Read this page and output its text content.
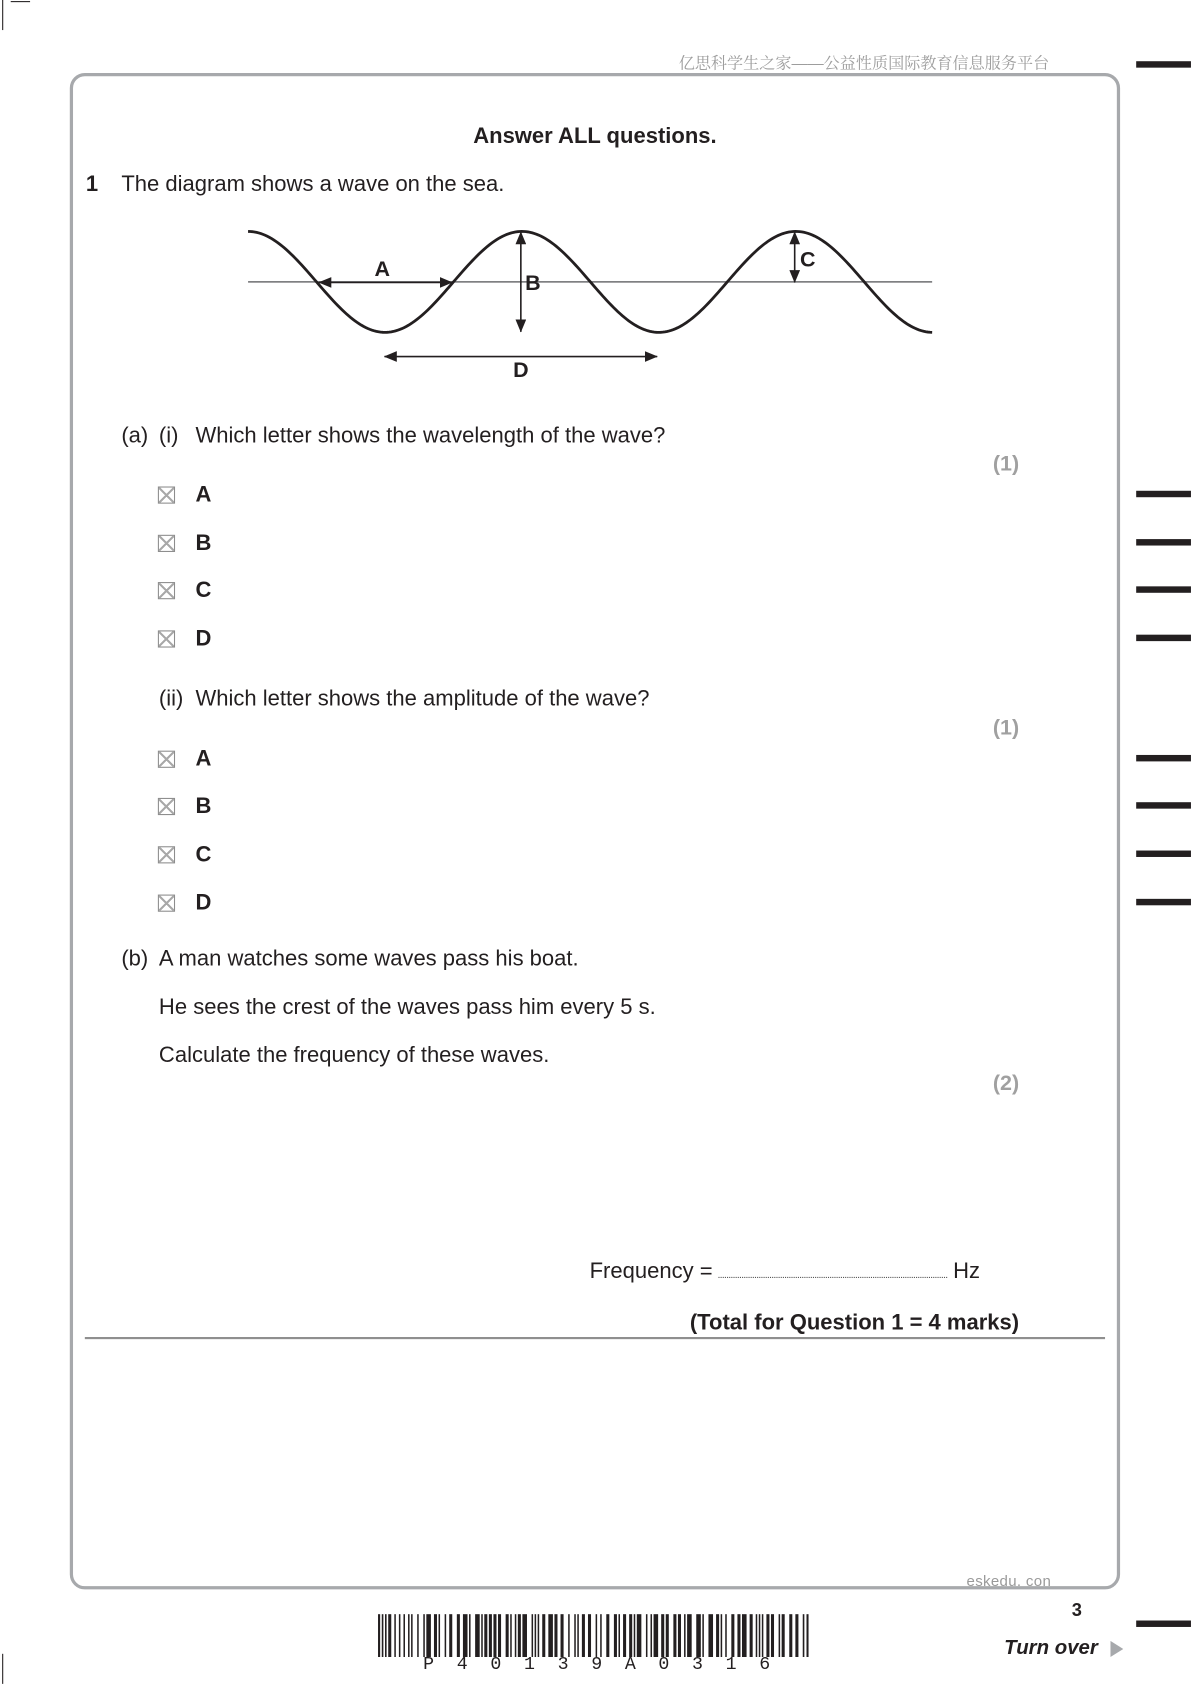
亿思科学生之家——公益性质国际教育信息服务平台
Answer ALL questions.
1 The diagram shows a wave on the sea.
A
B
C
D
(a) (i) Which letter shows the wavelength of the wave?
(1)
A
B
C
D
(ii) Which letter shows the amplitude of the wave?
(1)
A
B
C
D
(b) A man watches some waves pass his boat.
He sees the crest of the waves pass him every 5 s.
Calculate the frequency of these waves.
(2)
Frequency =	Hz
(Total for Question 1 = 4 marks)
eskedu. con
3
P 4 0 1 3 9 A 0 3 1 6
Turn over
